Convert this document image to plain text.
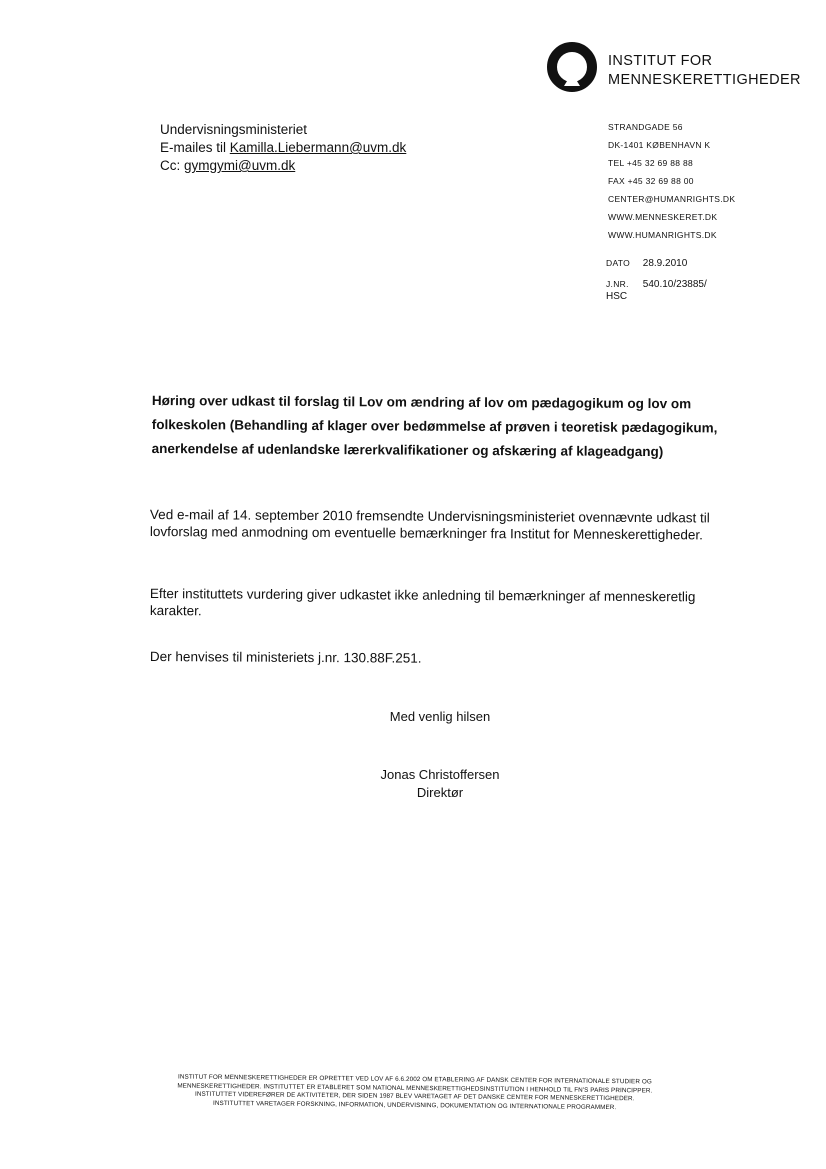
INSTITUT FOR
MENNESKERETTIGHEDER
Undervisningsministeriet
E-mailes til Kamilla.Liebermann@uvm.dk
Cc: gymgymi@uvm.dk
STRANDGADE 56
DK-1401 KØBENHAVN K
TEL +45 32 69 88 88
FAX +45 32 69 88 00
CENTER@HUMANRIGHTS.DK
WWW.MENNESKERET.DK
WWW.HUMANRIGHTS.DK
DATO 28.9.2010
J.NR. 540.10/23885/
HSC
Høring over udkast til forslag til Lov om ændring af lov om pædagogikum og lov om folkeskolen (Behandling af klager over bedømmelse af prøven i teoretisk pædagogikum, anerkendelse af udenlandske lærerkvalifikationer og afskæring af klageadgang)
Ved e-mail af 14. september 2010 fremsendte Undervisningsministeriet ovennævnte udkast til lovforslag med anmodning om eventuelle bemærkninger fra Institut for Menneskerettigheder.
Efter instituttets vurdering giver udkastet ikke anledning til bemærkninger af menneskeretlig karakter.
Der henvises til ministeriets j.nr. 130.88F.251.
Med venlig hilsen
Jonas Christoffersen
Direktør
INSTITUT FOR MENNESKERETTIGHEDER ER OPRETTET VED LOV AF 6.6.2002 OM ETABLERING AF DANSK CENTER FOR INTERNATIONALE STUDIER OG
MENNESKERETTIGHEDER. INSTITUTTET ER ETABLERET SOM NATIONAL MENNESKERETTIGHEDSINSTITUTION I HENHOLD TIL FN'S PARIS PRINCIPPER.
INSTITUTTET VIDEREFØRER DE AKTIVITETER, DER SIDEN 1987 BLEV VARETAGET AF DET DANSKE CENTER FOR MENNESKERETTIGHEDER.
INSTITUTTET VARETAGER FORSKNING, INFORMATION, UNDERVISNING, DOKUMENTATION OG INTERNATIONALE PROGRAMMER.
